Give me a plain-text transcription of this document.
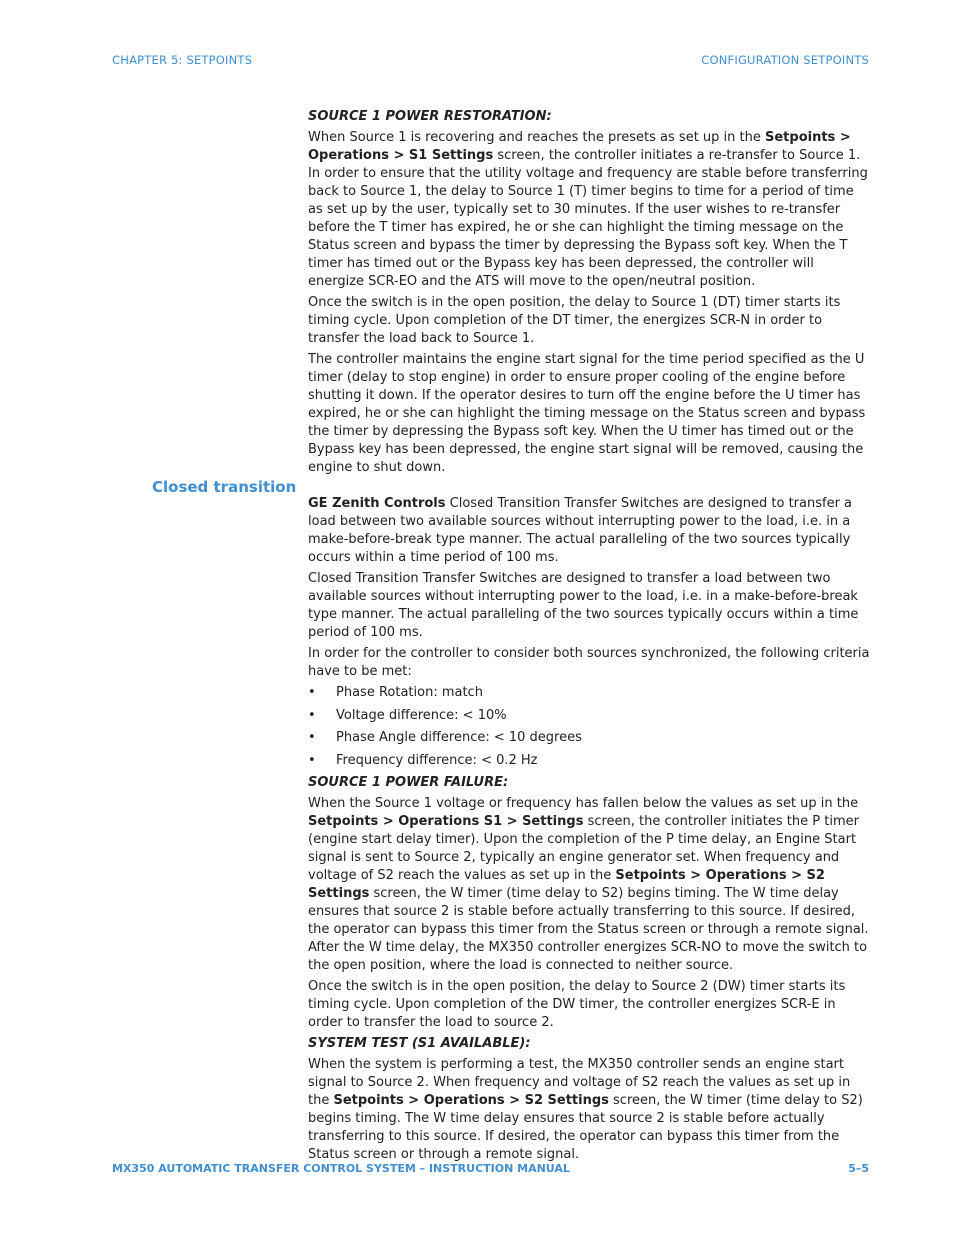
CHAPTER 5: SETPOINTS	CONFIGURATION SETPOINTS
Closed transition

SOURCE 1 POWER RESTORATION:

When Source 1 is recovering and reaches the presets as set up in the Setpoints > Operations > S1 Settings screen, the controller initiates a re-transfer to Source 1. In order to ensure that the utility voltage and frequency are stable before transferring back to Source 1, the delay to Source 1 (T) timer begins to time for a period of time as set up by the user, typically set to 30 minutes. If the user wishes to re-transfer before the T timer has expired, he or she can highlight the timing message on the Status screen and bypass the timer by depressing the Bypass soft key. When the T timer has timed out or the Bypass key has been depressed, the controller will energize SCR-EO and the ATS will move to the open/neutral position.

Once the switch is in the open position, the delay to Source 1 (DT) timer starts its timing cycle. Upon completion of the DT timer, the energizes SCR-N in order to transfer the load back to Source 1.

The controller maintains the engine start signal for the time period specified as the U timer (delay to stop engine) in order to ensure proper cooling of the engine before shutting it down. If the operator desires to turn off the engine before the U timer has expired, he or she can highlight the timing message on the Status screen and bypass the timer by depressing the Bypass soft key. When the U timer has timed out or the Bypass key has been depressed, the engine start signal will be removed, causing the engine to shut down.

GE Zenith Controls Closed Transition Transfer Switches are designed to transfer a load between two available sources without interrupting power to the load, i.e. in a make-before-break type manner. The actual paralleling of the two sources typically occurs within a time period of 100 ms.

Closed Transition Transfer Switches are designed to transfer a load between two available sources without interrupting power to the load, i.e. in a make-before-break type manner. The actual paralleling of the two sources typically occurs within a time period of 100 ms.

In order for the controller to consider both sources synchronized, the following criteria have to be met:

• Phase Rotation: match
• Voltage difference: < 10%
• Phase Angle difference: < 10 degrees
• Frequency difference: < 0.2 Hz

SOURCE 1 POWER FAILURE:

When the Source 1 voltage or frequency has fallen below the values as set up in the Setpoints > Operations S1 > Settings screen, the controller initiates the P timer (engine start delay timer). Upon the completion of the P time delay, an Engine Start signal is sent to Source 2, typically an engine generator set. When frequency and voltage of S2 reach the values as set up in the Setpoints > Operations > S2 Settings screen, the W timer (time delay to S2) begins timing. The W time delay ensures that source 2 is stable before actually transferring to this source. If desired, the operator can bypass this timer from the Status screen or through a remote signal. After the W time delay, the MX350 controller energizes SCR-NO to move the switch to the open position, where the load is connected to neither source.

Once the switch is in the open position, the delay to Source 2 (DW) timer starts its timing cycle. Upon completion of the DW timer, the controller energizes SCR-E in order to transfer the load to source 2.

SYSTEM TEST (S1 AVAILABLE):

When the system is performing a test, the MX350 controller sends an engine start signal to Source 2. When frequency and voltage of S2 reach the values as set up in the Setpoints > Operations > S2 Settings screen, the W timer (time delay to S2) begins timing. The W time delay ensures that source 2 is stable before actually transferring to this source. If desired, the operator can bypass this timer from the Status screen or through a remote signal.

MX350 AUTOMATIC TRANSFER CONTROL SYSTEM – INSTRUCTION MANUAL	5–5
